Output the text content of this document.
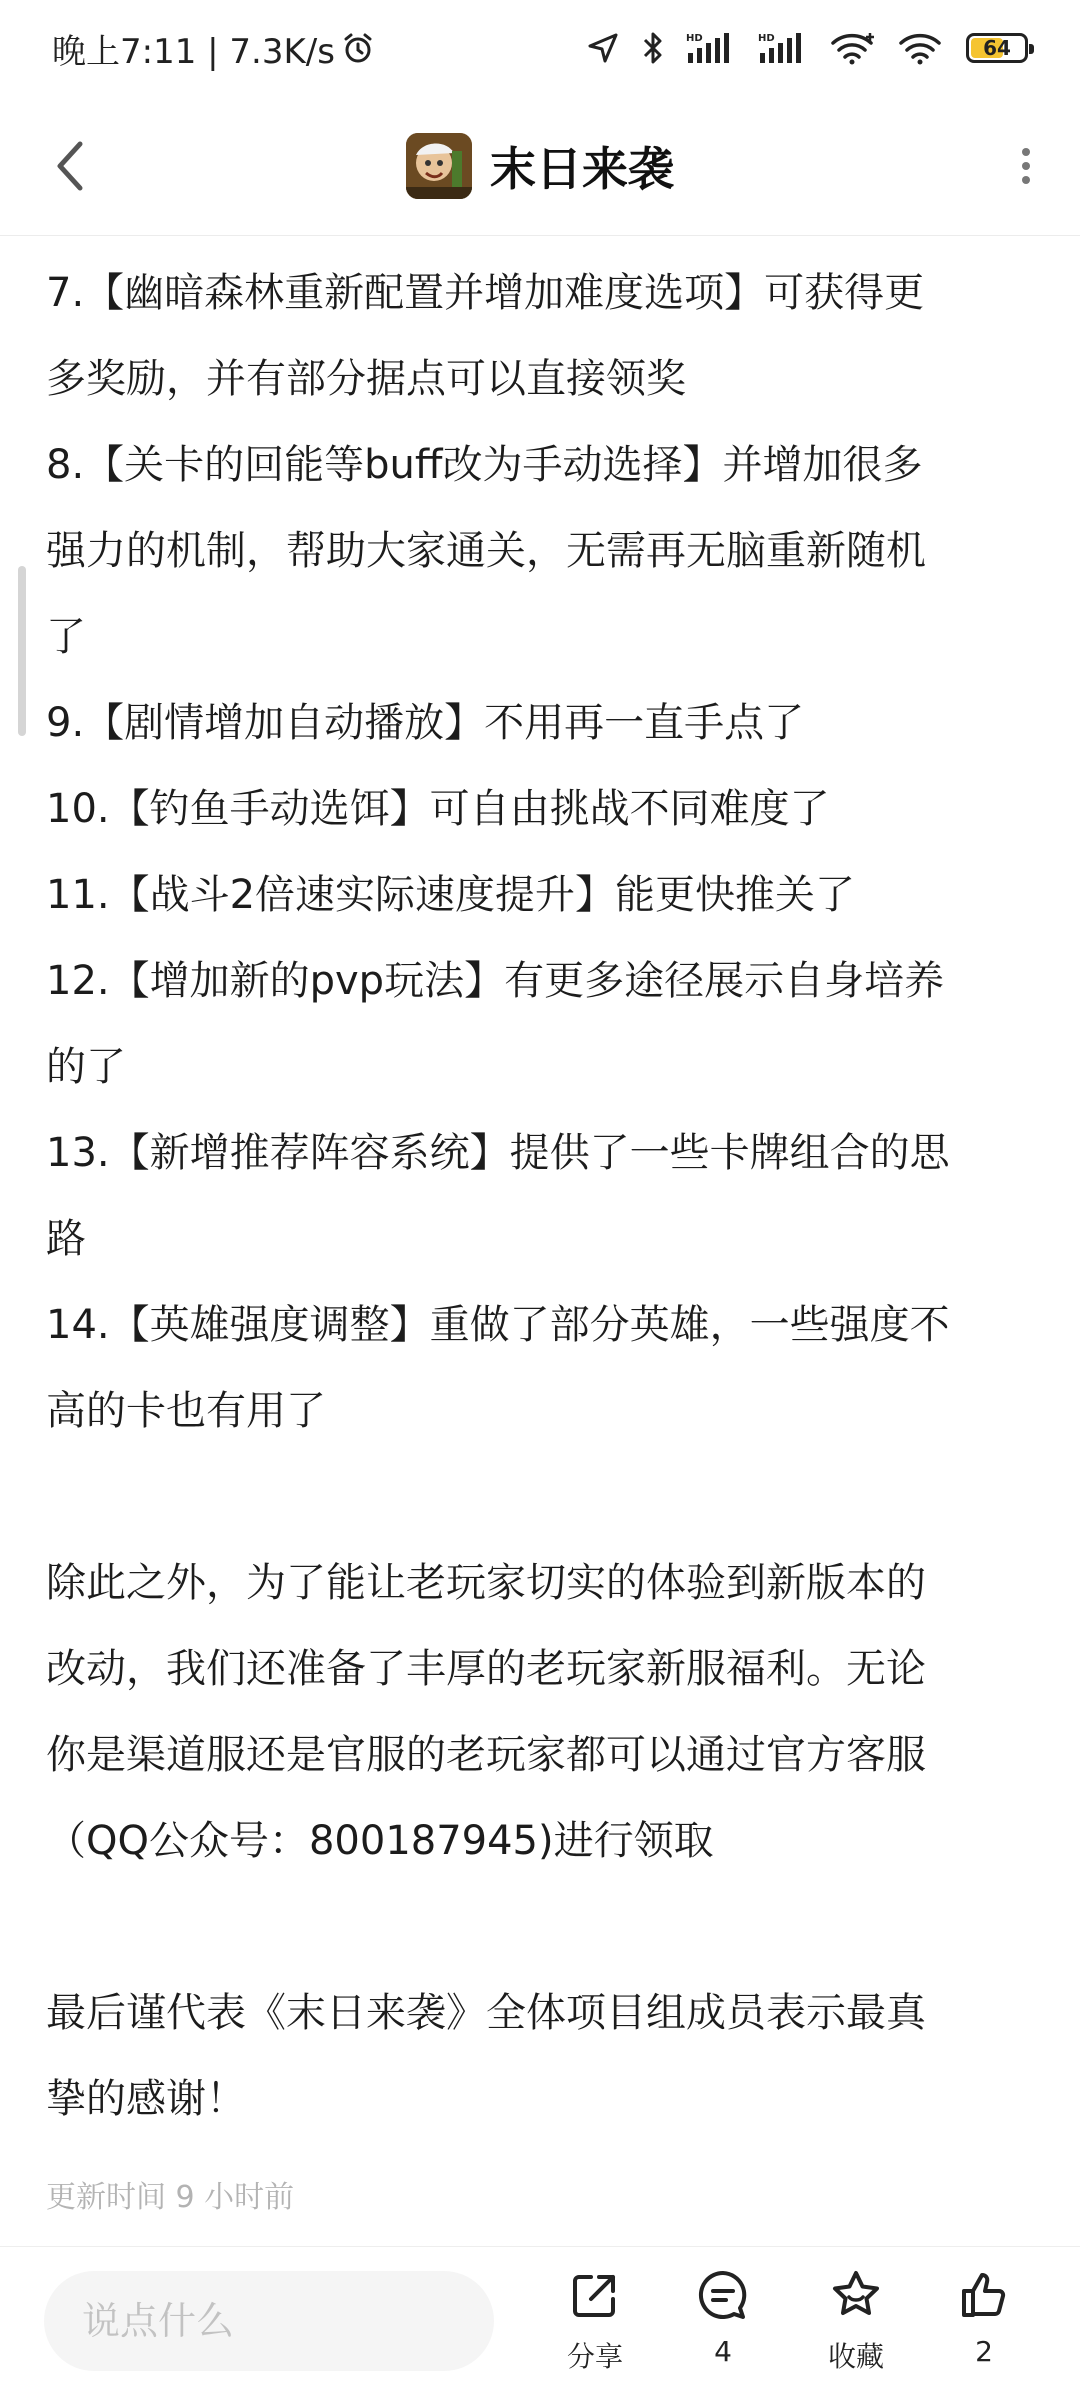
晚上7:11 | 7.3K/s	HD	HD	64
末日来袭

7.【幽暗森林重新配置并增加难度选项】可获得更

多奖励，并有部分据点可以直接领奖

8.【关卡的回能等buff改为手动选择】并增加很多

强力的机制，帮助大家通关，无需再无脑重新随机

了

9.【剧情增加自动播放】不用再一直手点了

10.【钓鱼手动选饵】可自由挑战不同难度了

11.【战斗2倍速实际速度提升】能更快推关了

12.【增加新的pvp玩法】有更多途径展示自身培养

的了

13.【新增推荐阵容系统】提供了一些卡牌组合的思

路

14.【英雄强度调整】重做了部分英雄，一些强度不

高的卡也有用了

除此之外，为了能让老玩家切实的体验到新版本的

改动，我们还准备了丰厚的老玩家新服福利。无论

你是渠道服还是官服的老玩家都可以通过官方客服

（QQ公众号：800187945)进行领取

最后谨代表《末日来袭》全体项目组成员表示最真

挚的感谢！

更新时间 9 小时前
说点什么
分享	4	收藏	2
